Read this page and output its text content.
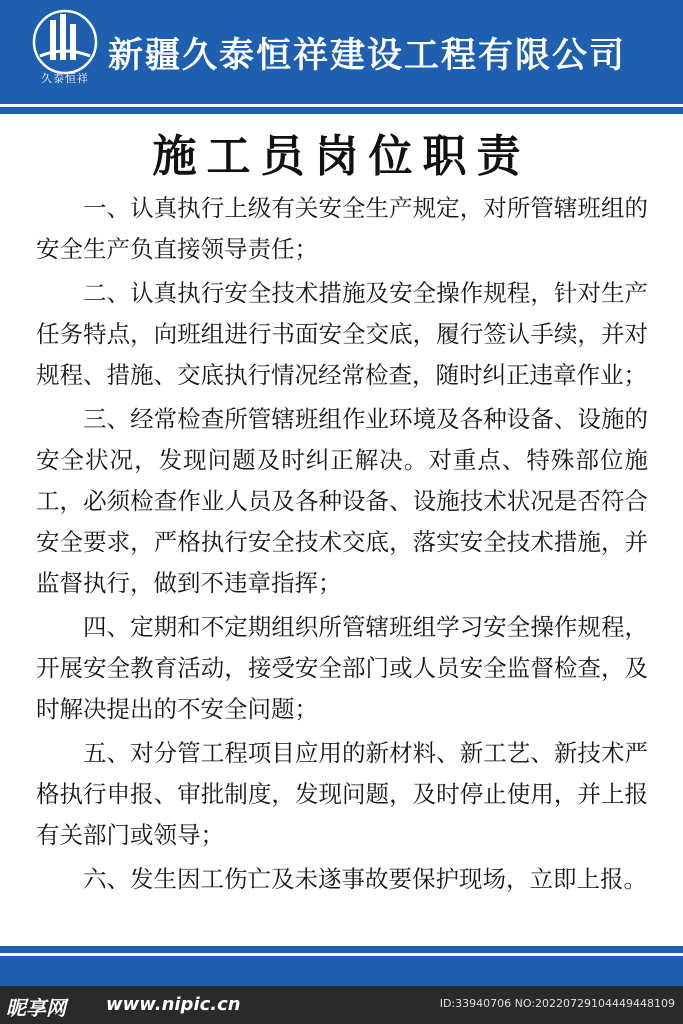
久泰恒祥
新疆久泰恒祥建设工程有限公司
施工员岗位职责

一、认真执行上级有关安全生产规定，对所管辖班组的安全生产负直接领导责任；

二、认真执行安全技术措施及安全操作规程，针对生产任务特点，向班组进行书面安全交底，履行签认手续，并对规程、措施、交底执行情况经常检查，随时纠正违章作业；

三、经常检查所管辖班组作业环境及各种设备、设施的安全状况，发现问题及时纠正解决。对重点、特殊部位施工，必须检查作业人员及各种设备、设施技术状况是否符合安全要求，严格执行安全技术交底，落实安全技术措施，并监督执行，做到不违章指挥；

四、定期和不定期组织所管辖班组学习安全操作规程，开展安全教育活动，接受安全部门或人员安全监督检查，及时解决提出的不安全问题；

五、对分管工程项目应用的新材料、新工艺、新技术严格执行申报、审批制度，发现问题，及时停止使用，并上报有关部门或领导；

六、发生因工伤亡及未遂事故要保护现场，立即上报。

昵享网 www.nipic.cn	ID:33940706 NO:20220729104449448109
